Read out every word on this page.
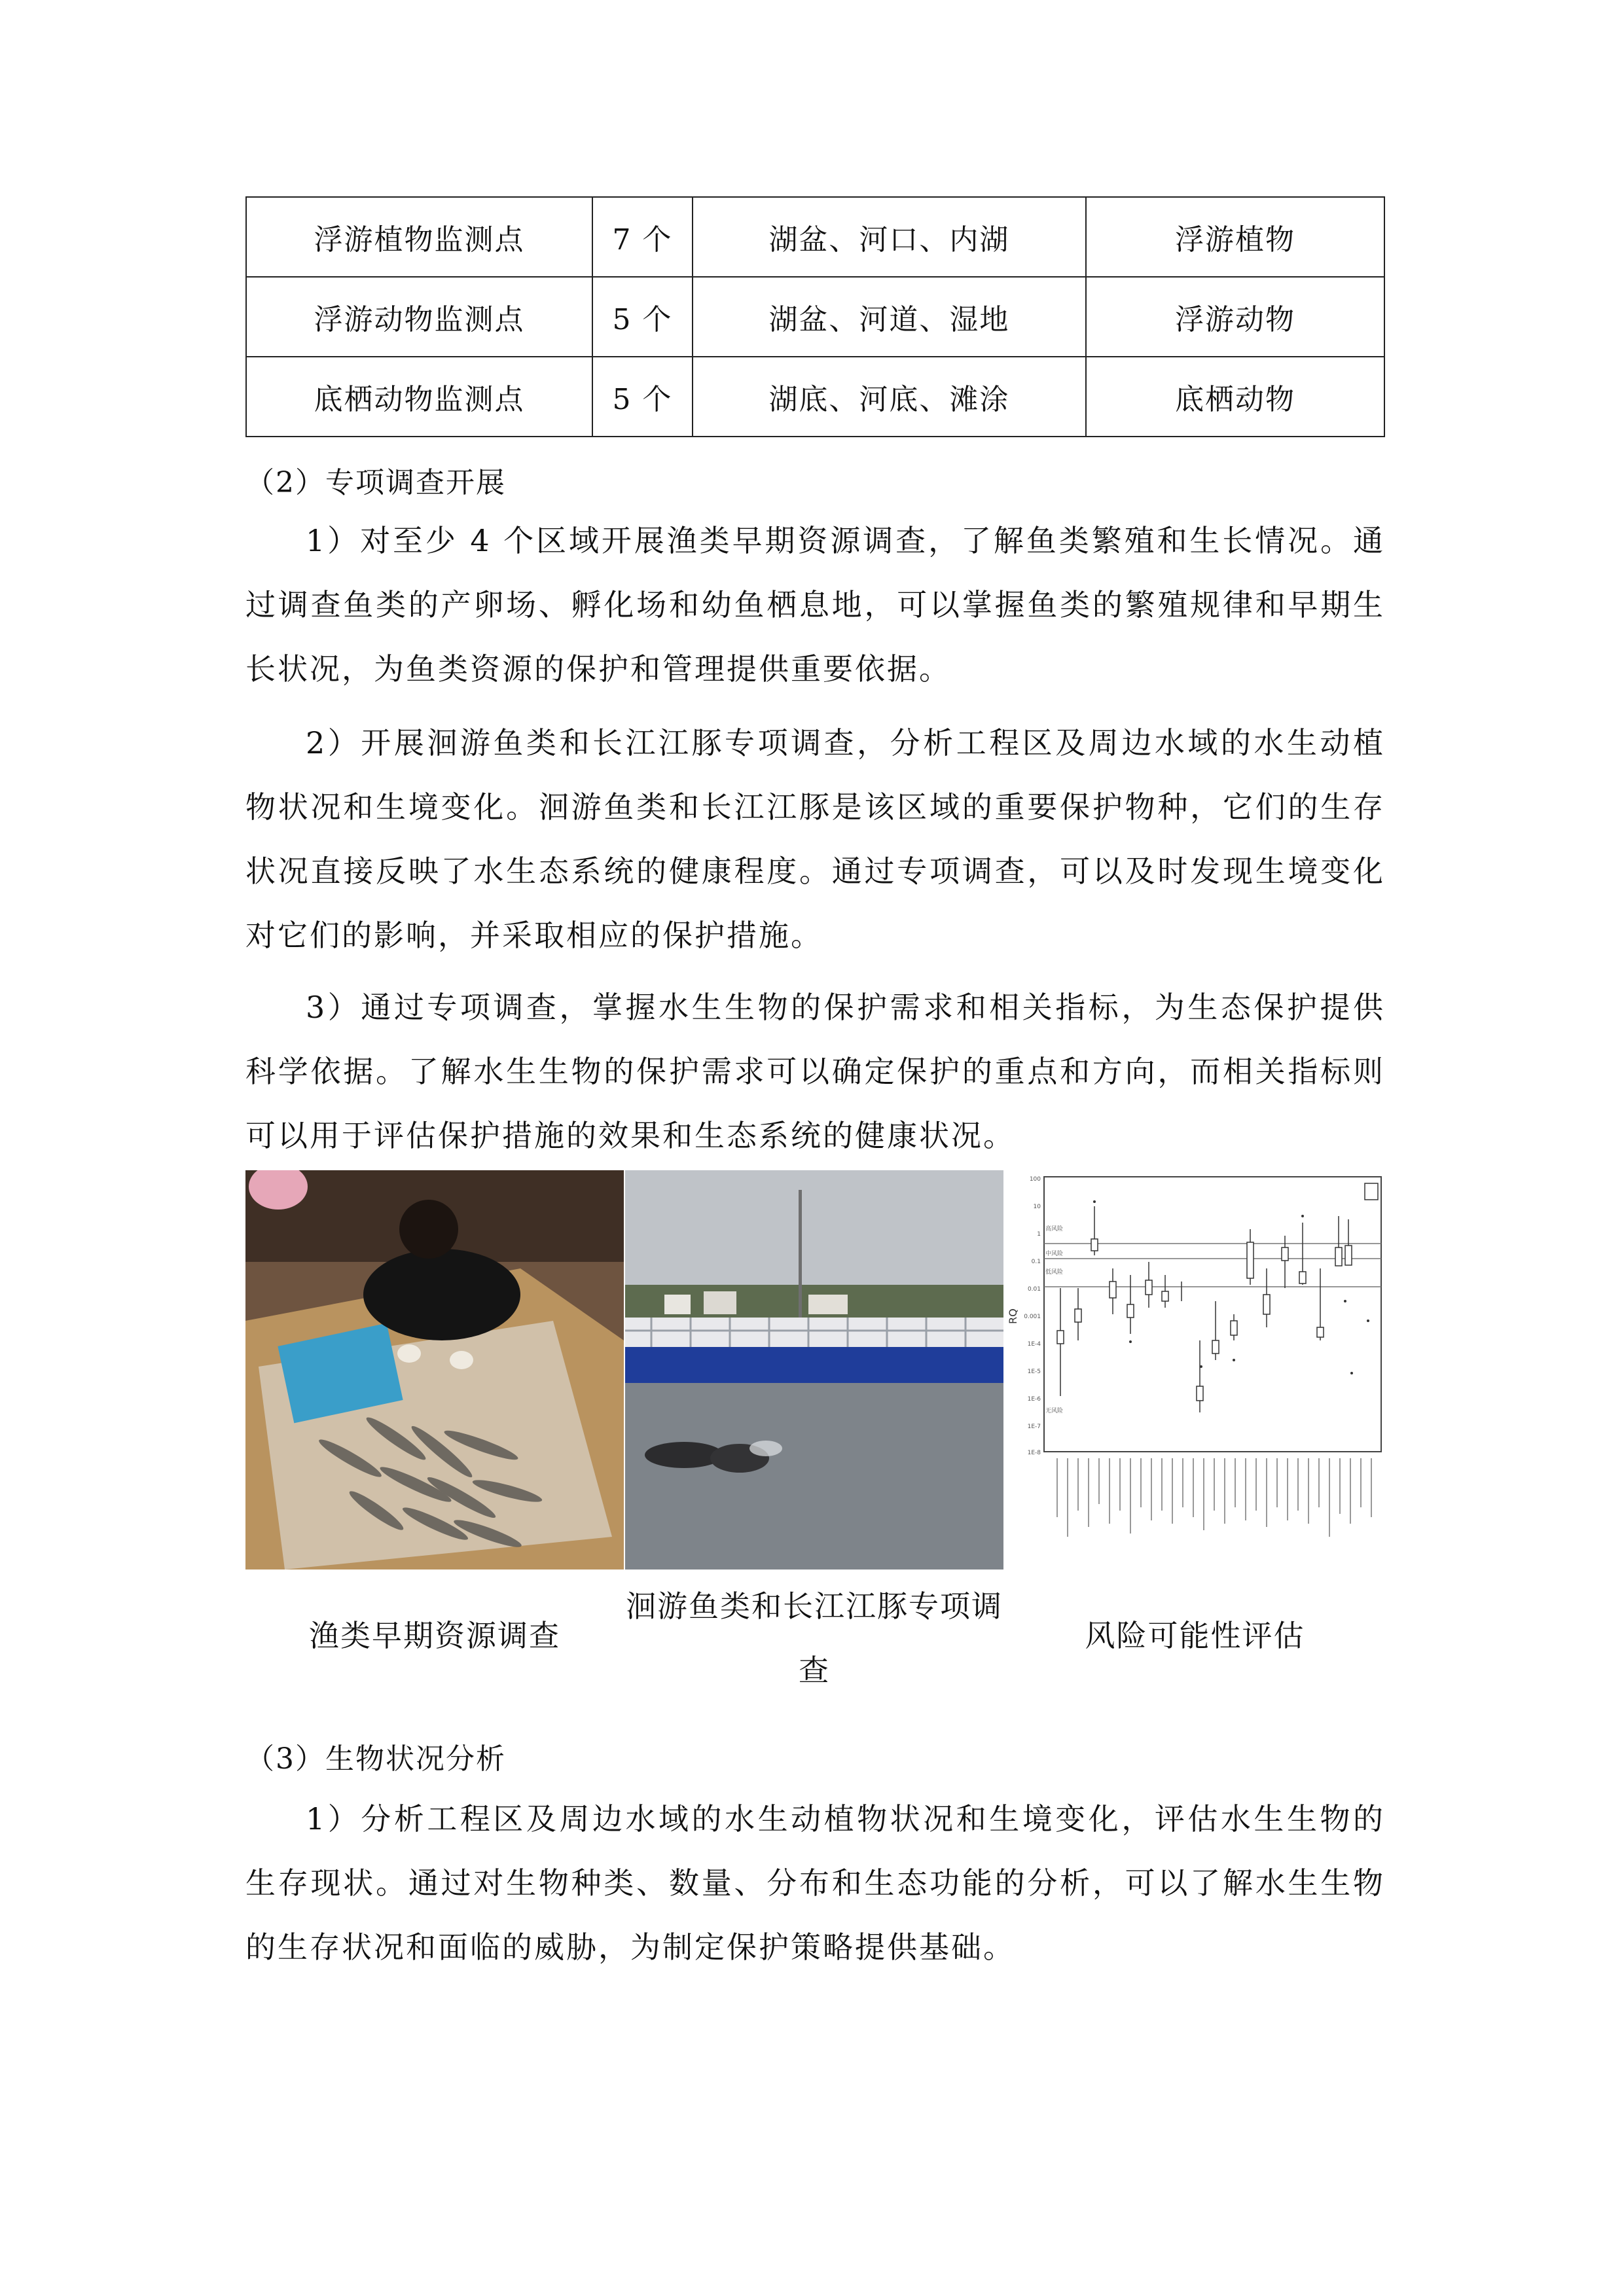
浮游植物监测点	7 个	湖盆、河口、内湖	浮游植物
浮游动物监测点	5 个	湖盆、河道、湿地	浮游动物
底栖动物监测点	5 个	湖底、河底、滩涂	底栖动物
（2）专项调查开展

1）对至少 4 个区域开展渔类早期资源调查，了解鱼类繁殖和生长情况。通过调查鱼类的产卵场、孵化场和幼鱼栖息地，可以掌握鱼类的繁殖规律和早期生长状况，为鱼类资源的保护和管理提供重要依据。

2）开展洄游鱼类和长江江豚专项调查，分析工程区及周边水域的水生动植物状况和生境变化。洄游鱼类和长江江豚是该区域的重要保护物种，它们的生存状况直接反映了水生态系统的健康程度。通过专项调查，可以及时发现生境变化对它们的影响，并采取相应的保护措施。

3）通过专项调查，掌握水生生物的保护需求和相关指标，为生态保护提供科学依据。了解水生生物的保护需求可以确定保护的重点和方向，而相关指标则可以用于评估保护措施的效果和生态系统的健康状况。

RQ
高风险
中风险
低风险
无风险
100
10
1
0.1
0.01
0.001
1E-4
1E-5
1E-6
1E-7
1E-8
渔类早期资源调查
洄游鱼类和长江江豚专项调查
风险可能性评估
（3）生物状况分析

1）分析工程区及周边水域的水生动植物状况和生境变化，评估水生生物的生存现状。通过对生物种类、数量、分布和生态功能的分析，可以了解水生生物的生存状况和面临的威胁，为制定保护策略提供基础。
